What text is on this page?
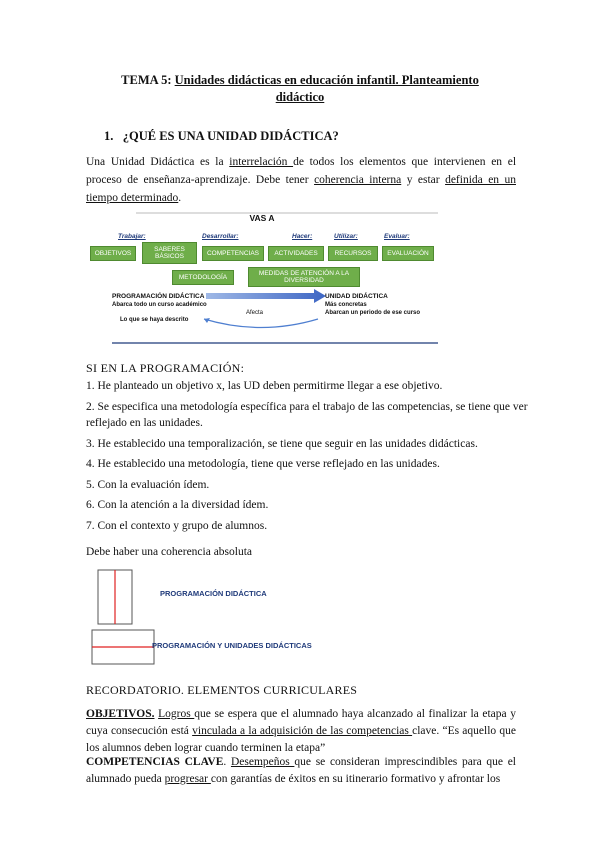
TEMA 5: Unidades didácticas en educación infantil. Planteamiento
didáctico
1. ¿QUÉ ES UNA UNIDAD DIDÁCTICA?
Una Unidad Didáctica es la interrelación de todos los elementos que intervienen en el proceso de enseñanza-aprendizaje. Debe tener coherencia interna y estar definida en un tiempo determinado.
VAS A
Trabajar:	Desarrollar:	Hacer:	Utilizar:	Evaluar:
OBJETIVOS
SABERES BÁSICOS	COMPETENCIAS	ACTIVIDADES	RECURSOS	EVALUACIÓN
METODOLOGÍA
MEDIDAS DE ATENCIÓN A LA DIVERSIDAD
PROGRAMACIÓN DIDÁCTICA
Abarca todo un curso académico
Lo que se haya descrito
Afecta
UNIDAD DIDÁCTICA
Más concretas
Abarcan un periodo de ese curso
SI EN LA PROGRAMACIÓN:
1. He planteado un objetivo x, las UD deben permitirme llegar a ese objetivo.
2. Se especifica una metodología específica para el trabajo de las competencias, se tiene que ver
reflejado en las unidades.
3. He establecido una temporalización, se tiene que seguir en las unidades didácticas.
4. He establecido una metodología, tiene que verse reflejado en las unidades.
5. Con la evaluación ídem.
6. Con la atención a la diversidad ídem.
7. Con el contexto y grupo de alumnos.
Debe haber una coherencia absoluta
PROGRAMACIÓN DIDÁCTICA
PROGRAMACIÓN Y UNIDADES DIDÁCTICAS
RECORDATORIO. ELEMENTOS CURRICULARES
OBJETIVOS. Logros que se espera que el alumnado haya alcanzado al finalizar la etapa y cuya consecución está vinculada a la adquisición de las competencias clave. “Es aquello que los alumnos deben lograr cuando terminen la etapa”
COMPETENCIAS CLAVE. Desempeños que se consideran imprescindibles para que el alumnado pueda progresar con garantías de éxitos en su itinerario formativo y afrontar los
